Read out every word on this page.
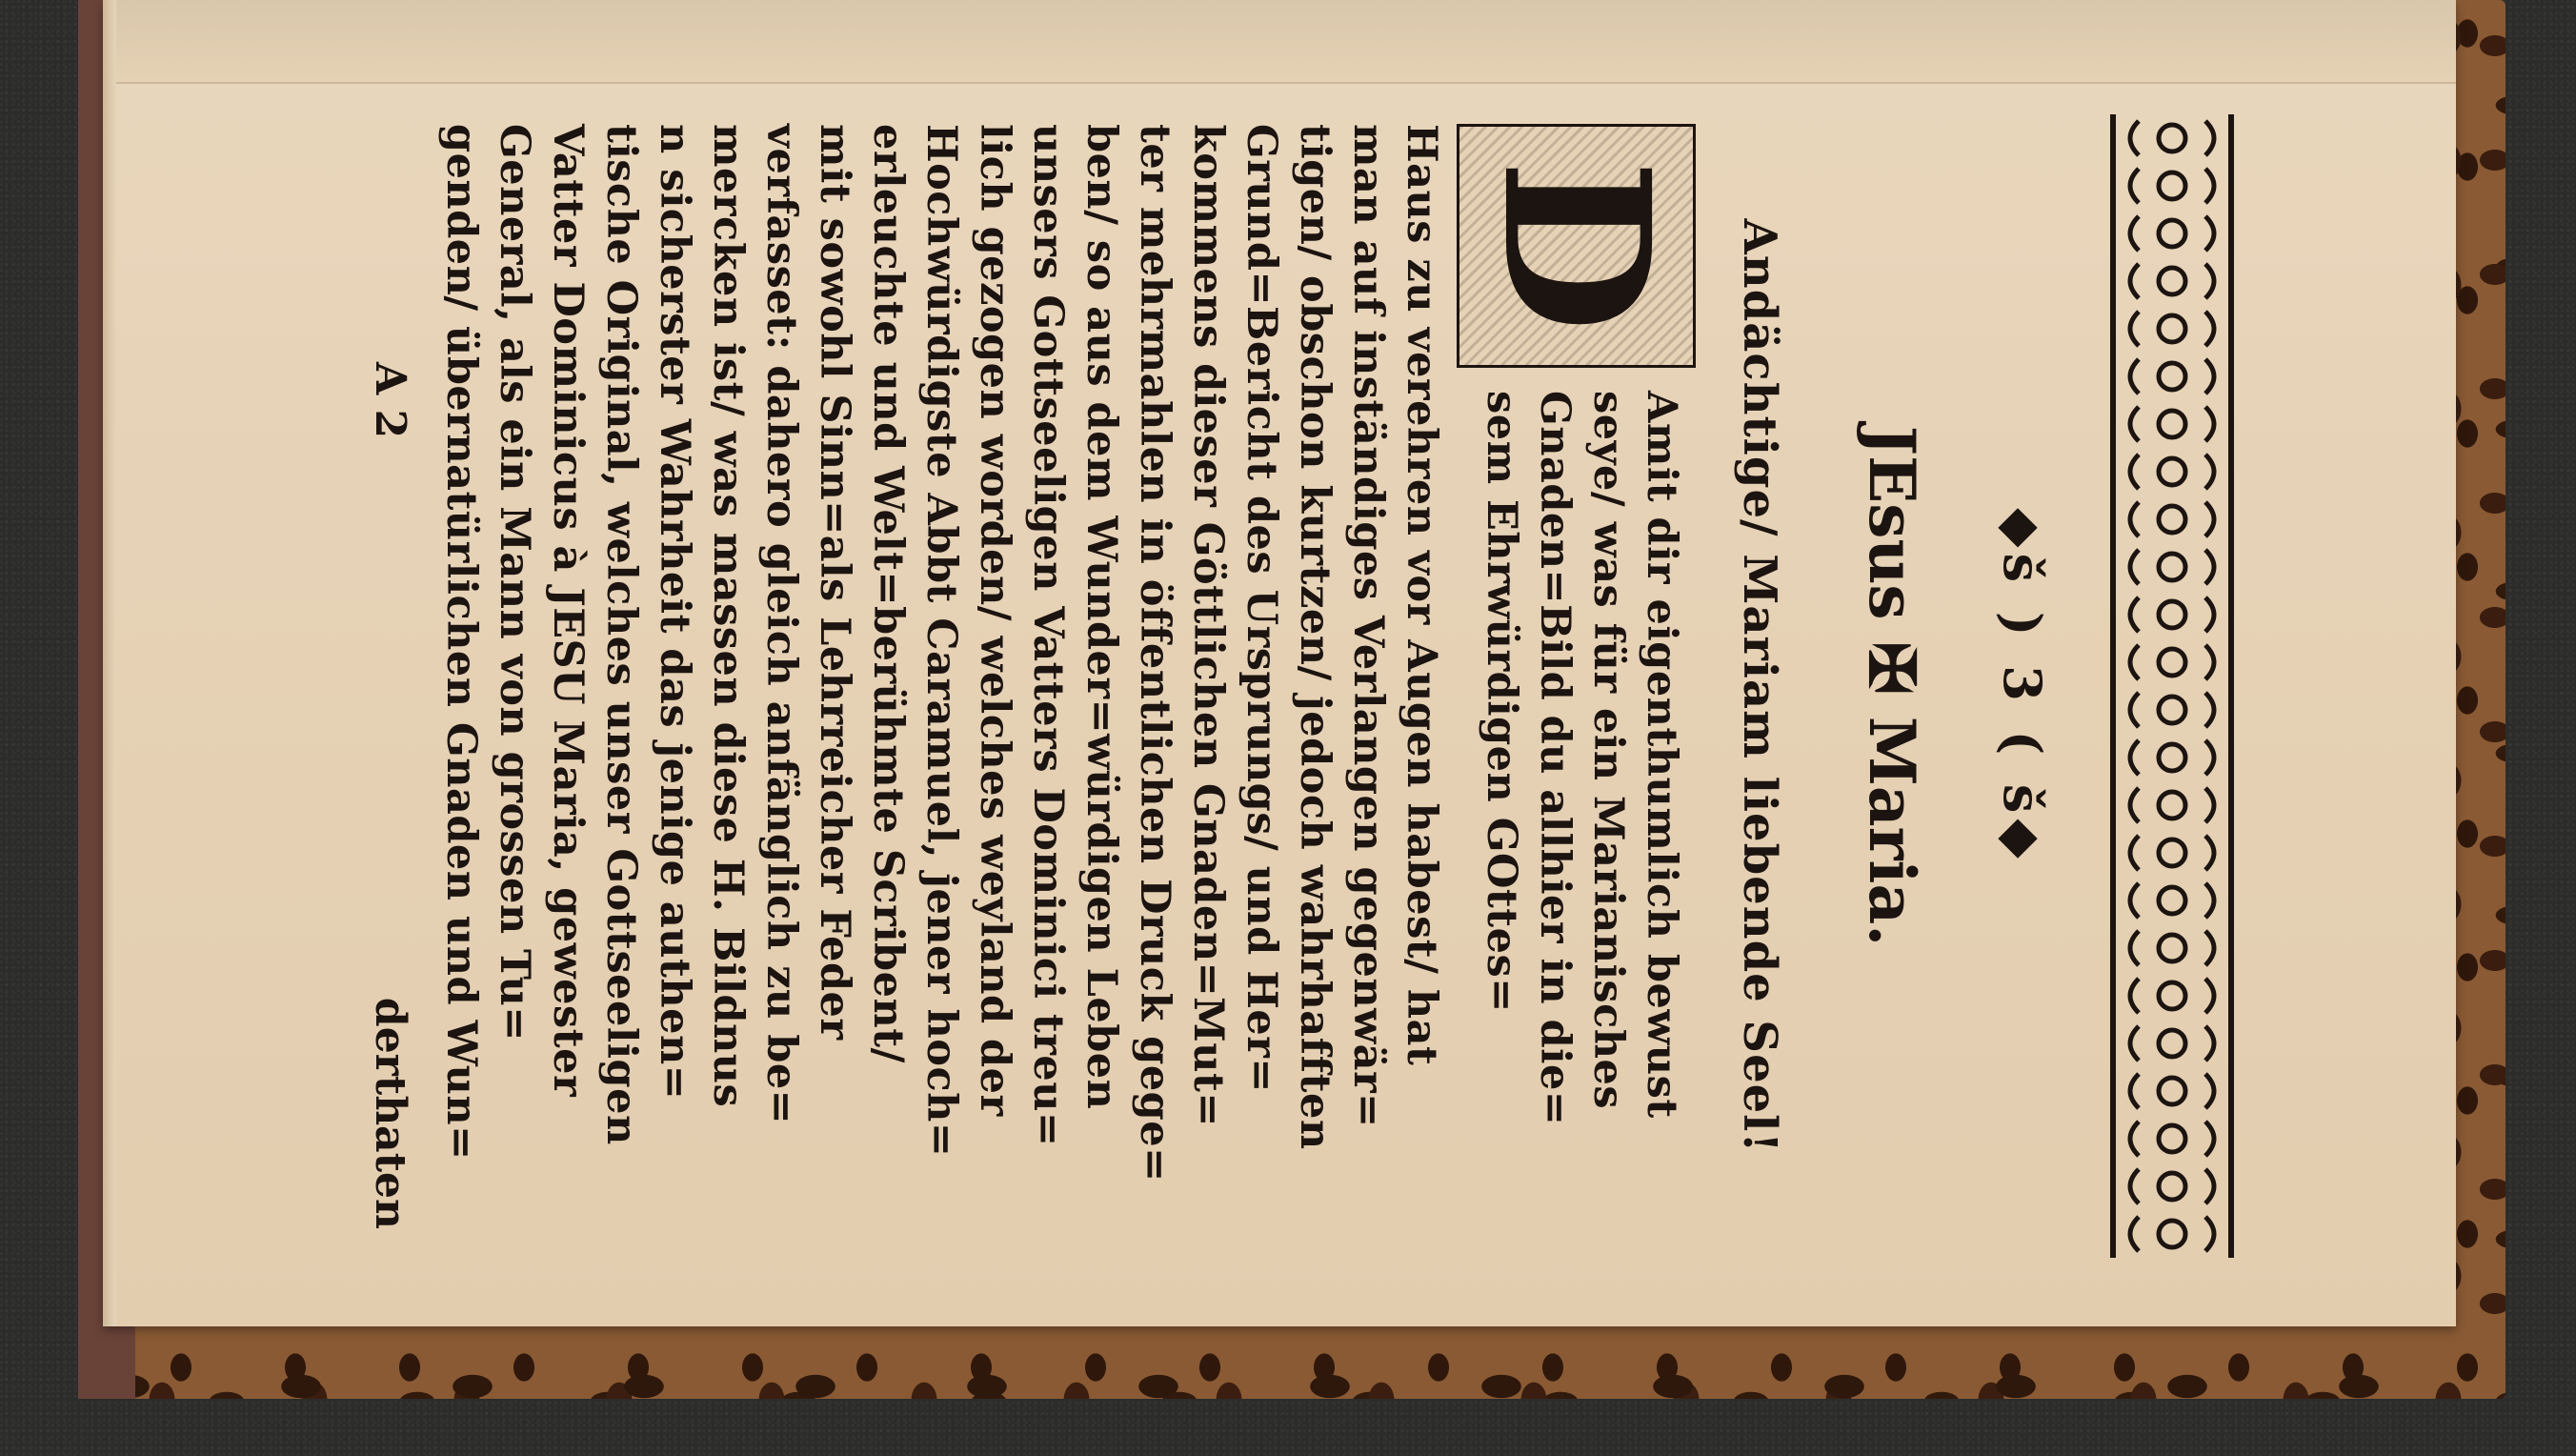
◆š ) 3 ( š◆
JEsus ✠ Maria.
Andächtige/ Mariam liebende Seel!
D
Amit dir eigenthumlich bewust
seye/ was für ein Marianisches
Gnaden=Bild du allhier in die=
sem Ehrwürdigen GOttes=
Haus zu verehren vor Augen habest/ hat
man auf inständiges Verlangen gegenwär=
tigen/ obschon kurtzen/ jedoch wahrhafften
Grund=Bericht des Ursprungs/ und Her=
kommens dieser Göttlichen Gnaden=Mut=
ter mehrmahlen in öffentlichen Druck gege=
ben/ so aus dem Wunder=würdigen Leben
unsers Gottseeligen Vatters Dominici treu=
lich gezogen worden/ welches weyland der
Hochwürdigste Abbt Caramuel, jener hoch=
erleuchte und Welt=berühmte Scribent/
mit sowohl Sinn=als Lehrreicher Feder
verfasset: dahero gleich anfänglich zu be=
mercken ist/ was massen diese H. Bildnus
n sicherster Wahrheit das jenige authen=
tische Original, welches unser Gottseeligen
Vatter Dominicus à JESU Maria, gewester
General, als ein Mann von grossen Tu=
genden/ übernatürlichen Gnaden und Wun=
A 2
derthaten
